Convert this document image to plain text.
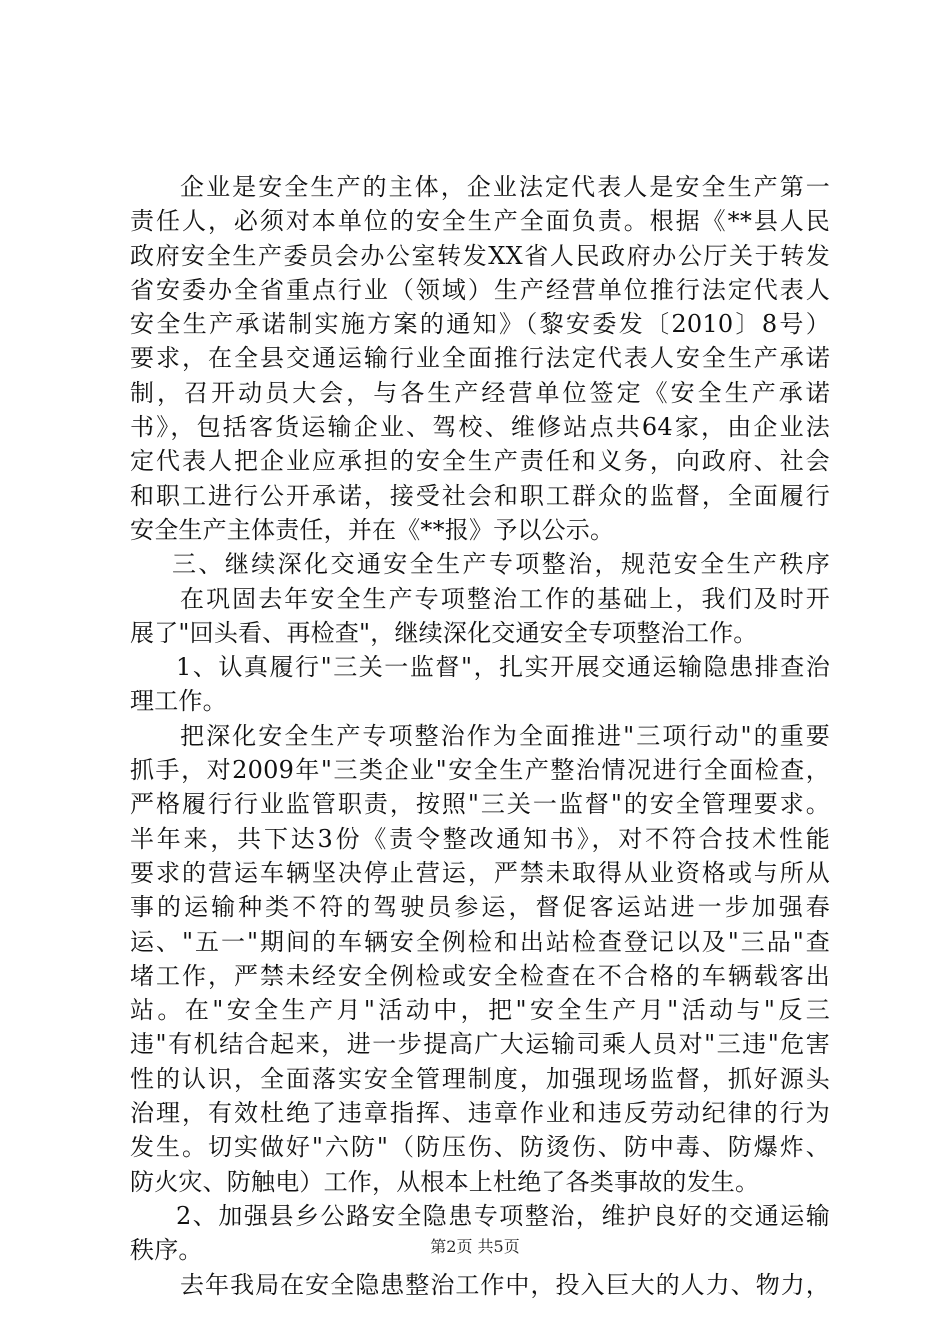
企业是安全生产的主体，企业法定代表人是安全生产第一
责任人，必须对本单位的安全生产全面负责。根据《**县人民
政府安全生产委员会办公室转发XX省人民政府办公厅关于转发
省安委办全省重点行业（领域）生产经营单位推行法定代表人
安全生产承诺制实施方案的通知》（黎安委发〔2010〕8号）
要求，在全县交通运输行业全面推行法定代表人安全生产承诺
制，召开动员大会，与各生产经营单位签定《安全生产承诺
书》，包括客货运输企业、驾校、维修站点共64家，由企业法
定代表人把企业应承担的安全生产责任和义务，向政府、社会
和职工进行公开承诺，接受社会和职工群众的监督，全面履行
安全生产主体责任，并在《**报》予以公示。
三、继续深化交通安全生产专项整治，规范安全生产秩序
在巩固去年安全生产专项整治工作的基础上，我们及时开
展了"回头看、再检查"，继续深化交通安全专项整治工作。
1、认真履行"三关一监督"，扎实开展交通运输隐患排查治
理工作。
把深化安全生产专项整治作为全面推进"三项行动"的重要
抓手，对2009年"三类企业"安全生产整治情况进行全面检查，
严格履行行业监管职责，按照"三关一监督"的安全管理要求。
半年来，共下达3份《责令整改通知书》，对不符合技术性能
要求的营运车辆坚决停止营运，严禁未取得从业资格或与所从
事的运输种类不符的驾驶员参运，督促客运站进一步加强春
运、"五一"期间的车辆安全例检和出站检查登记以及"三品"查
堵工作，严禁未经安全例检或安全检查在不合格的车辆载客出
站。在"安全生产月"活动中，把"安全生产月"活动与"反三
违"有机结合起来，进一步提高广大运输司乘人员对"三违"危害
性的认识，全面落实安全管理制度，加强现场监督，抓好源头
治理，有效杜绝了违章指挥、违章作业和违反劳动纪律的行为
发生。切实做好"六防"（防压伤、防烫伤、防中毒、防爆炸、
防火灾、防触电）工作，从根本上杜绝了各类事故的发生。
2、加强县乡公路安全隐患专项整治，维护良好的交通运输
秩序。
去年我局在安全隐患整治工作中，投入巨大的人力、物力，
第2页 共5页
